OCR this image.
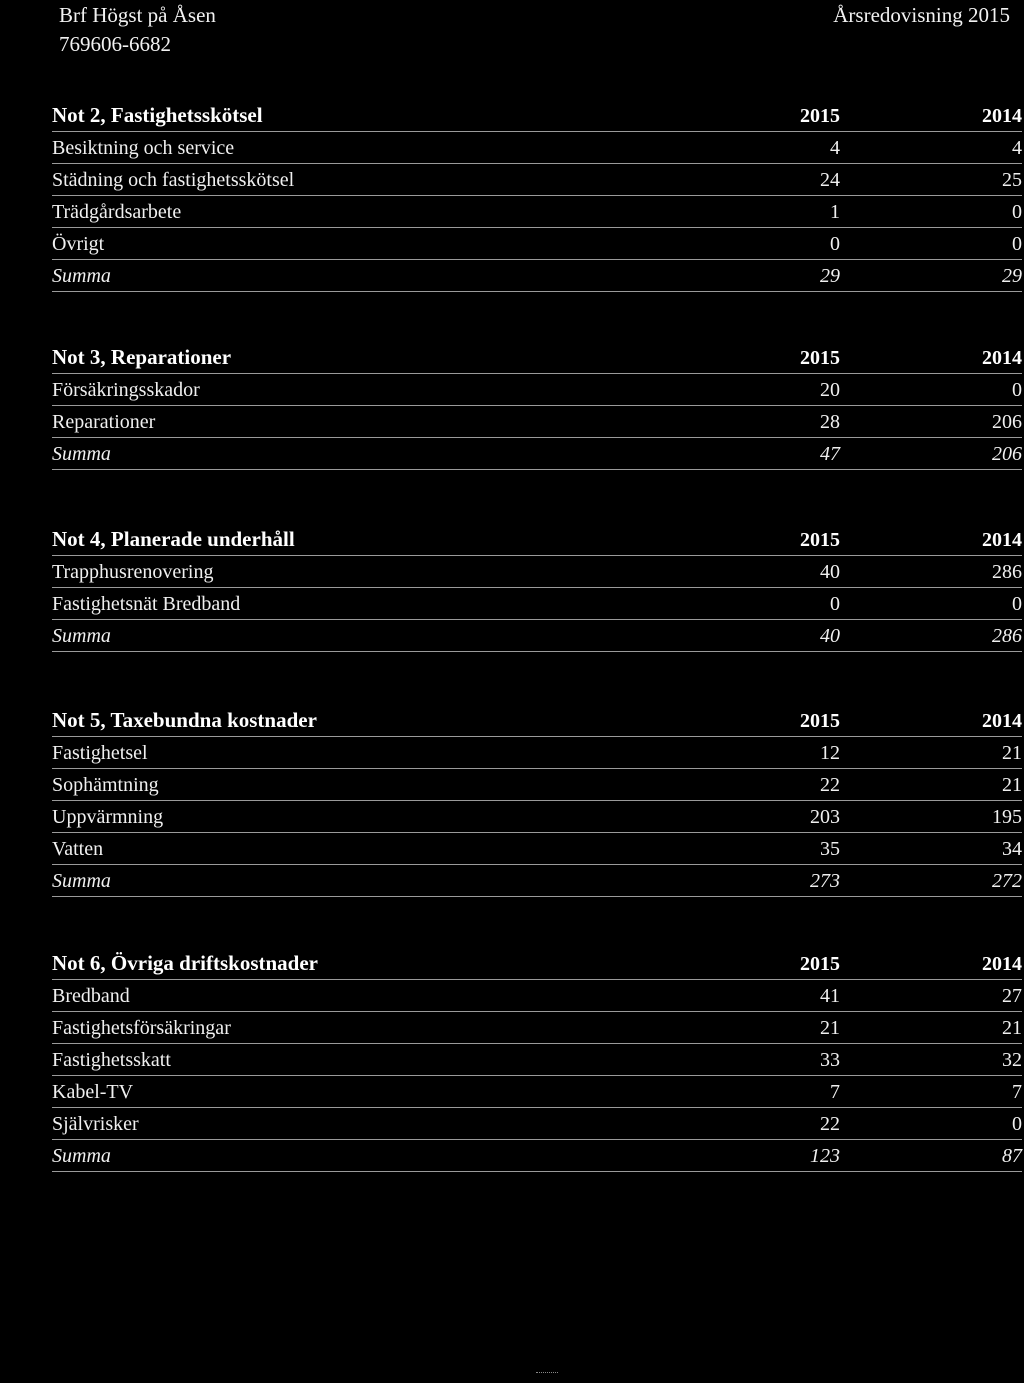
Brf Högst på Åsen
769606-6682
Årsredovisning 2015
Not 2, Fastighetsskötsel	2015	2014
Besiktning och service	4	4
Städning och fastighetsskötsel	24	25
Trädgårdsarbete	1	0
Övrigt	0	0
Summa	29	29
Not 3, Reparationer	2015	2014
Försäkringsskador	20	0
Reparationer	28	206
Summa	47	206
Not 4, Planerade underhåll	2015	2014
Trapphusrenovering	40	286
Fastighetsnät Bredband	0	0
Summa	40	286
Not 5, Taxebundna kostnader	2015	2014
Fastighetsel	12	21
Sophämtning	22	21
Uppvärmning	203	195
Vatten	35	34
Summa	273	272
Not 6, Övriga driftskostnader	2015	2014
Bredband	41	27
Fastighetsförsäkringar	21	21
Fastighetsskatt	33	32
Kabel-TV	7	7
Självrisker	22	0
Summa	123	87
